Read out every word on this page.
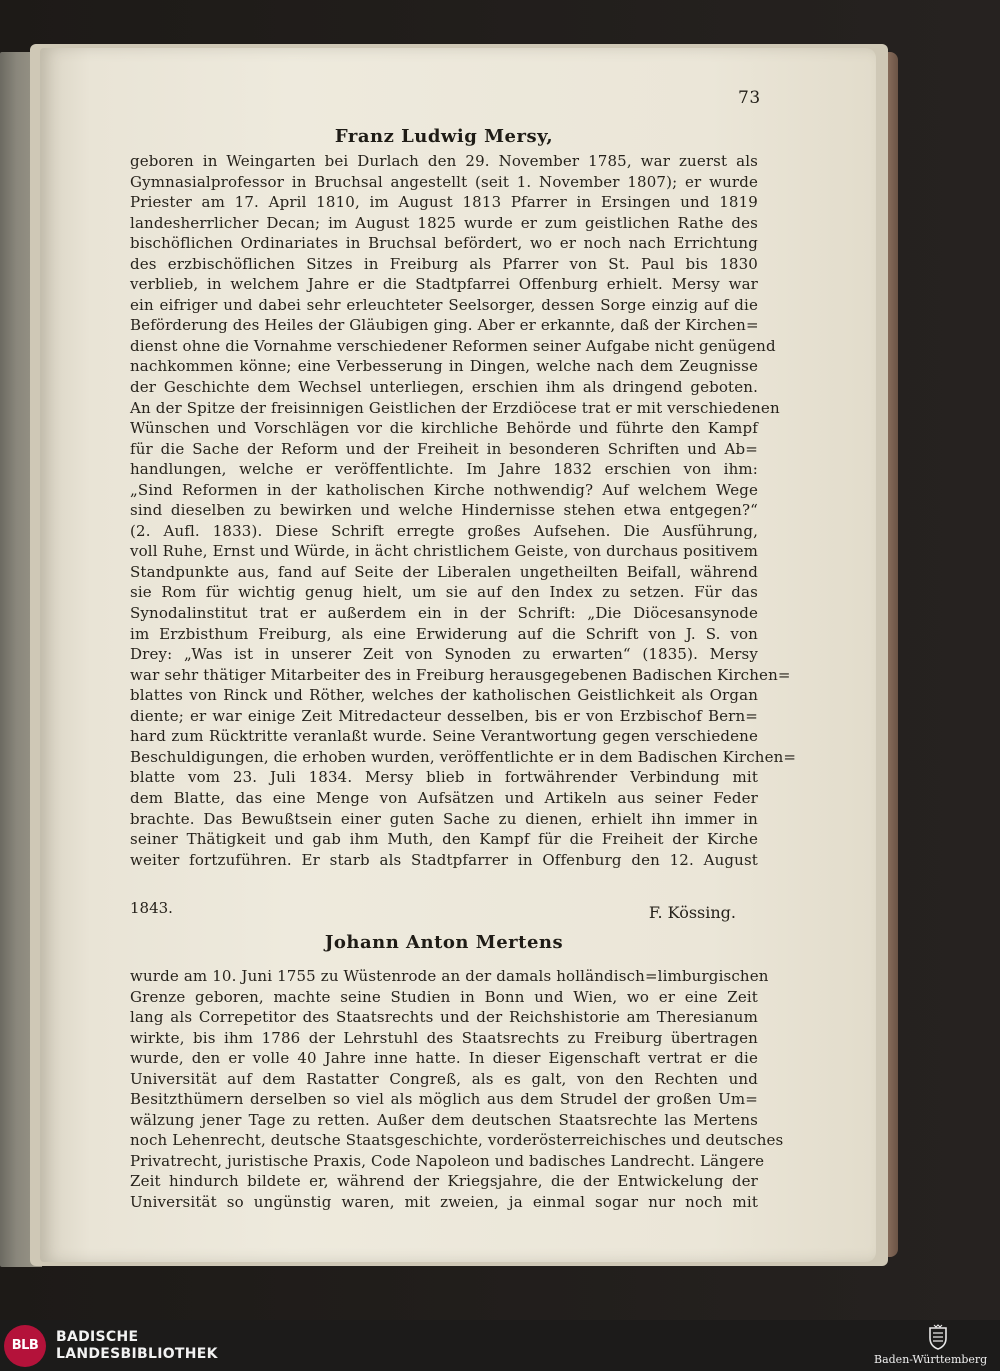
73
Franz Ludwig Mersy,
geboren in Weingarten bei Durlach den 29. November 1785, war zuerst als
Gymnasialprofessor in Bruchsal angestellt (seit 1. November 1807); er wurde
Priester am 17. April 1810, im August 1813 Pfarrer in Ersingen und 1819
landesherrlicher Decan; im August 1825 wurde er zum geistlichen Rathe des
bischöflichen Ordinariates in Bruchsal befördert, wo er noch nach Errichtung
des erzbischöflichen Sitzes in Freiburg als Pfarrer von St. Paul bis 1830
verblieb, in welchem Jahre er die Stadtpfarrei Offenburg erhielt. Mersy war
ein eifriger und dabei sehr erleuchteter Seelsorger, dessen Sorge einzig auf die
Beförderung des Heiles der Gläubigen ging. Aber er erkannte, daß der Kirchen=
dienst ohne die Vornahme verschiedener Reformen seiner Aufgabe nicht genügend
nachkommen könne; eine Verbesserung in Dingen, welche nach dem Zeugnisse
der Geschichte dem Wechsel unterliegen, erschien ihm als dringend geboten.
An der Spitze der freisinnigen Geistlichen der Erzdiöcese trat er mit verschiedenen
Wünschen und Vorschlägen vor die kirchliche Behörde und führte den Kampf
für die Sache der Reform und der Freiheit in besonderen Schriften und Ab=
handlungen, welche er veröffentlichte. Im Jahre 1832 erschien von ihm:
„Sind Reformen in der katholischen Kirche nothwendig? Auf welchem Wege
sind dieselben zu bewirken und welche Hindernisse stehen etwa entgegen?“
(2. Aufl. 1833). Diese Schrift erregte großes Aufsehen. Die Ausführung,
voll Ruhe, Ernst und Würde, in ächt christlichem Geiste, von durchaus positivem
Standpunkte aus, fand auf Seite der Liberalen ungetheilten Beifall, während
sie Rom für wichtig genug hielt, um sie auf den Index zu setzen. Für das
Synodalinstitut trat er außerdem ein in der Schrift: „Die Diöcesansynode
im Erzbisthum Freiburg, als eine Erwiderung auf die Schrift von J. S. von
Drey: „Was ist in unserer Zeit von Synoden zu erwarten“ (1835). Mersy
war sehr thätiger Mitarbeiter des in Freiburg herausgegebenen Badischen Kirchen=
blattes von Rinck und Röther, welches der katholischen Geistlichkeit als Organ
diente; er war einige Zeit Mitredacteur desselben, bis er von Erzbischof Bern=
hard zum Rücktritte veranlaßt wurde. Seine Verantwortung gegen verschiedene
Beschuldigungen, die erhoben wurden, veröffentlichte er in dem Badischen Kirchen=
blatte vom 23. Juli 1834. Mersy blieb in fortwährender Verbindung mit
dem Blatte, das eine Menge von Aufsätzen und Artikeln aus seiner Feder
brachte. Das Bewußtsein einer guten Sache zu dienen, erhielt ihn immer in
seiner Thätigkeit und gab ihm Muth, den Kampf für die Freiheit der Kirche
weiter fortzuführen. Er starb als Stadtpfarrer in Offenburg den 12. August
1843.	F. Kössing.
Johann Anton Mertens
wurde am 10. Juni 1755 zu Wüstenrode an der damals holländisch=limburgischen
Grenze geboren, machte seine Studien in Bonn und Wien, wo er eine Zeit
lang als Correpetitor des Staatsrechts und der Reichshistorie am Theresianum
wirkte, bis ihm 1786 der Lehrstuhl des Staatsrechts zu Freiburg übertragen
wurde, den er volle 40 Jahre inne hatte. In dieser Eigenschaft vertrat er die
Universität auf dem Rastatter Congreß, als es galt, von den Rechten und
Besitzthümern derselben so viel als möglich aus dem Strudel der großen Um=
wälzung jener Tage zu retten. Außer dem deutschen Staatsrechte las Mertens
noch Lehenrecht, deutsche Staatsgeschichte, vorderösterreichisches und deutsches
Privatrecht, juristische Praxis, Code Napoleon und badisches Landrecht. Längere
Zeit hindurch bildete er, während der Kriegsjahre, die der Entwickelung der
Universität so ungünstig waren, mit zweien, ja einmal sogar nur noch mit
BLB
BADISCHE
LANDESBIBLIOTHEK	Baden-Württemberg
